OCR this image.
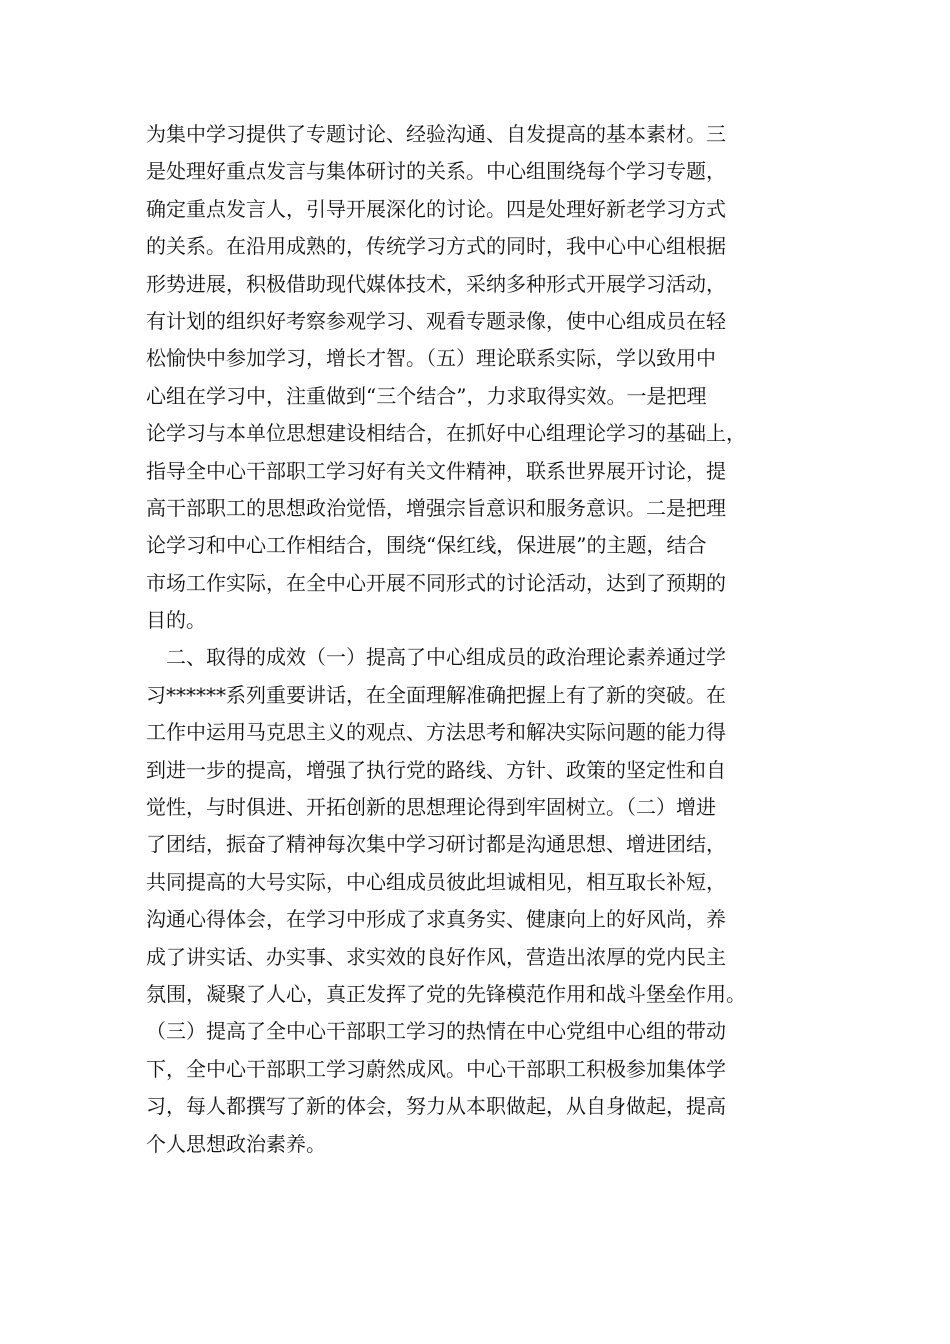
为集中学习提供了专题讨论、经验沟通、自发提高的基本素材。三
是处理好重点发言与集体研讨的关系。中心组围绕每个学习专题，
确定重点发言人，引导开展深化的讨论。四是处理好新老学习方式
的关系。在沿用成熟的，传统学习方式的同时，我中心中心组根据
形势进展，积极借助现代媒体技术，采纳多种形式开展学习活动，
有计划的组织好考察参观学习、观看专题录像，使中心组成员在轻
松愉快中参加学习，增长才智。（五）理论联系实际，学以致用中
心组在学习中，注重做到“三个结合”，力求取得实效。一是把理
论学习与本单位思想建设相结合，在抓好中心组理论学习的基础上，
指导全中心干部职工学习好有关文件精神，联系世界展开讨论，提
高干部职工的思想政治觉悟，增强宗旨意识和服务意识。二是把理
论学习和中心工作相结合，围绕“保红线，保进展”的主题，结合
市场工作实际，在全中心开展不同形式的讨论活动，达到了预期的
目的。
　二、取得的成效（一）提高了中心组成员的政治理论素养通过学
习******系列重要讲话，在全面理解准确把握上有了新的突破。在
工作中运用马克思主义的观点、方法思考和解决实际问题的能力得
到进一步的提高，增强了执行党的路线、方针、政策的坚定性和自
觉性，与时俱进、开拓创新的思想理论得到牢固树立。（二）增进
了团结，振奋了精神每次集中学习研讨都是沟通思想、增进团结，
共同提高的大号实际，中心组成员彼此坦诚相见，相互取长补短，
沟通心得体会，在学习中形成了求真务实、健康向上的好风尚，养
成了讲实话、办实事、求实效的良好作风，营造出浓厚的党内民主
氛围，凝聚了人心，真正发挥了党的先锋模范作用和战斗堡垒作用。
（三）提高了全中心干部职工学习的热情在中心党组中心组的带动
下，全中心干部职工学习蔚然成风。中心干部职工积极参加集体学
习，每人都撰写了新的体会，努力从本职做起，从自身做起，提高
个人思想政治素养。
